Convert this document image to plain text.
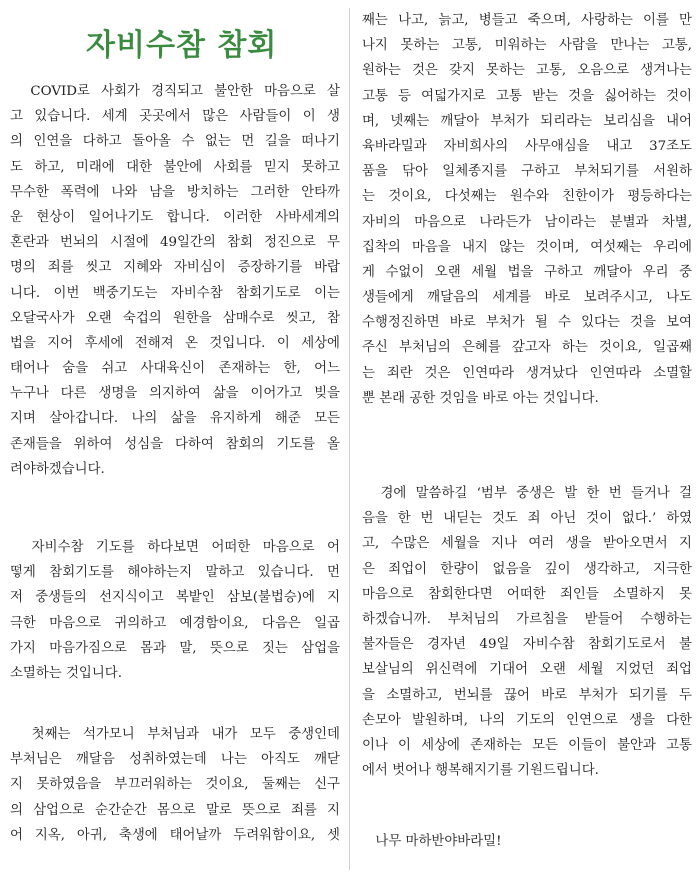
자비수참 참회
　COVID로 사회가 경직되고 불안한 마음으로 살
고 있습니다. 세계 곳곳에서 많은 사람들이 이 생
의 인연을 다하고 돌아올 수 없는 먼 길을 떠나기
도 하고, 미래에 대한 불안에 사회를 믿지 못하고
무수한 폭력에 나와 남을 방치하는 그러한 안타까
운 현상이 일어나기도 합니다. 이러한 사바세계의
혼란과 번뇌의 시절에 49일간의 참회 정진으로 무
명의 죄를 씻고 지혜와 자비심이 증장하기를 바랍
니다. 이번 백중기도는 자비수참 참회기도로 이는
오달국사가 오랜 숙겁의 원한을 삼매수로 씻고, 참
법을 지어 후세에 전해져 온 것입니다. 이 세상에
태어나 숨을 쉬고 사대육신이 존재하는 한, 어느
누구나 다른 생명을 의지하여 삶을 이어가고 빚을
지며 살아갑니다. 나의 삶을 유지하게 해준 모든
존재들을 위하여 성심을 다하여 참회의 기도를 올
려야하겠습니다.
　자비수참 기도를 하다보면 어떠한 마음으로 어
떻게 참회기도를 해야하는지 말하고 있습니다. 먼
저 중생들의 선지식이고 복밭인 삼보(불법승)에 지
극한 마음으로 귀의하고 예경함이요, 다음은 일곱
가지 마음가짐으로 몸과 말, 뜻으로 짓는 삼업을
소멸하는 것입니다.
　첫째는 석가모니 부처님과 내가 모두 중생인데
부처님은 깨달음 성취하였는데 나는 아직도 깨닫
지 못하였음을 부끄러워하는 것이요, 둘째는 신구
의 삼업으로 순간순간 몸으로 말로 뜻으로 죄를 지
어 지옥, 아귀, 축생에 태어날까 두려워함이요, 셋
째는 나고, 늙고, 병들고 죽으며, 사랑하는 이를 만
나지 못하는 고통, 미워하는 사람을 만나는 고통,
원하는 것은 갖지 못하는 고통, 오음으로 생겨나는
고통 등 여덟가지로 고통 받는 것을 싫어하는 것이
며, 넷째는 깨달아 부처가 되리라는 보리심을 내어
육바라밀과 자비희사의 사무애심을 내고 37조도
품을 닦아 일체종지를 구하고 부처되기를 서원하
는 것이요, 다섯째는 원수와 친한이가 평등하다는
자비의 마음으로 나라든가 남이라는 분별과 차별,
집착의 마음을 내지 않는 것이며, 여섯째는 우리에
게 수없이 오랜 세월 법을 구하고 깨달아 우리 중
생들에게 깨달음의 세계를 바로 보려주시고, 나도
수행정진하면 바로 부처가 될 수 있다는 것을 보여
주신 부처님의 은혜를 갚고자 하는 것이요, 일곱째
는 죄란 것은 인연따라 생겨났다 인연따라 소멸할
뿐 본래 공한 것임을 바로 아는 것입니다.
　경에 말씀하길 ‘범부 중생은 발 한 번 들거나 걸
음을 한 번 내딛는 것도 죄 아닌 것이 없다.’ 하였
고, 수많은 세월을 지나 여러 생을 받아오면서 지
은 죄업이 한량이 없음을 깊이 생각하고, 지극한
마음으로 참회한다면 어떠한 죄인들 소멸하지 못
하겠습니까. 부처님의 가르침을 받들어 수행하는
불자들은 경자년 49일 자비수참 참회기도로서 불
보살님의 위신력에 기대어 오랜 세월 지었던 죄업
을 소멸하고, 번뇌를 끊어 바로 부처가 되기를 두
손모아 발원하며, 나의 기도의 인연으로 생을 다한
이나 이 세상에 존재하는 모든 이들이 불안과 고통
에서 벗어나 행복해지기를 기원드립니다.
　나무 마하반야바라밀!
